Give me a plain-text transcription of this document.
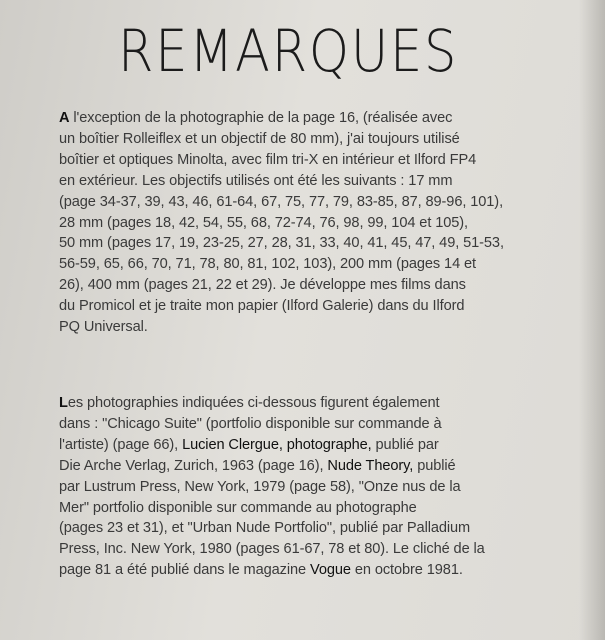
REMARQUES

A l'exception de la photographie de la page 16, (réalisée avec
un boîtier Rolleiflex et un objectif de 80 mm), j'ai toujours utilisé
boîtier et optiques Minolta, avec film tri-X en intérieur et Ilford FP4
en extérieur. Les objectifs utilisés ont été les suivants : 17 mm
(page 34-37, 39, 43, 46, 61-64, 67, 75, 77, 79, 83-85, 87, 89-96, 101),
28 mm (pages 18, 42, 54, 55, 68, 72-74, 76, 98, 99, 104 et 105),
50 mm (pages 17, 19, 23-25, 27, 28, 31, 33, 40, 41, 45, 47, 49, 51-53,
56-59, 65, 66, 70, 71, 78, 80, 81, 102, 103), 200 mm (pages 14 et
26), 400 mm (pages 21, 22 et 29). Je développe mes films dans
du Promicol et je traite mon papier (Ilford Galerie) dans du Ilford
PQ Universal.

Les photographies indiquées ci-dessous figurent également
dans : "Chicago Suite" (portfolio disponible sur commande à
l'artiste) (page 66), Lucien Clergue, photographe, publié par
Die Arche Verlag, Zurich, 1963 (page 16), Nude Theory, publié
par Lustrum Press, New York, 1979 (page 58), "Onze nus de la
Mer" portfolio disponible sur commande au photographe
(pages 23 et 31), et "Urban Nude Portfolio", publié par Palladium
Press, Inc. New York, 1980 (pages 61-67, 78 et 80). Le cliché de la
page 81 a été publié dans le magazine Vogue en octobre 1981.
